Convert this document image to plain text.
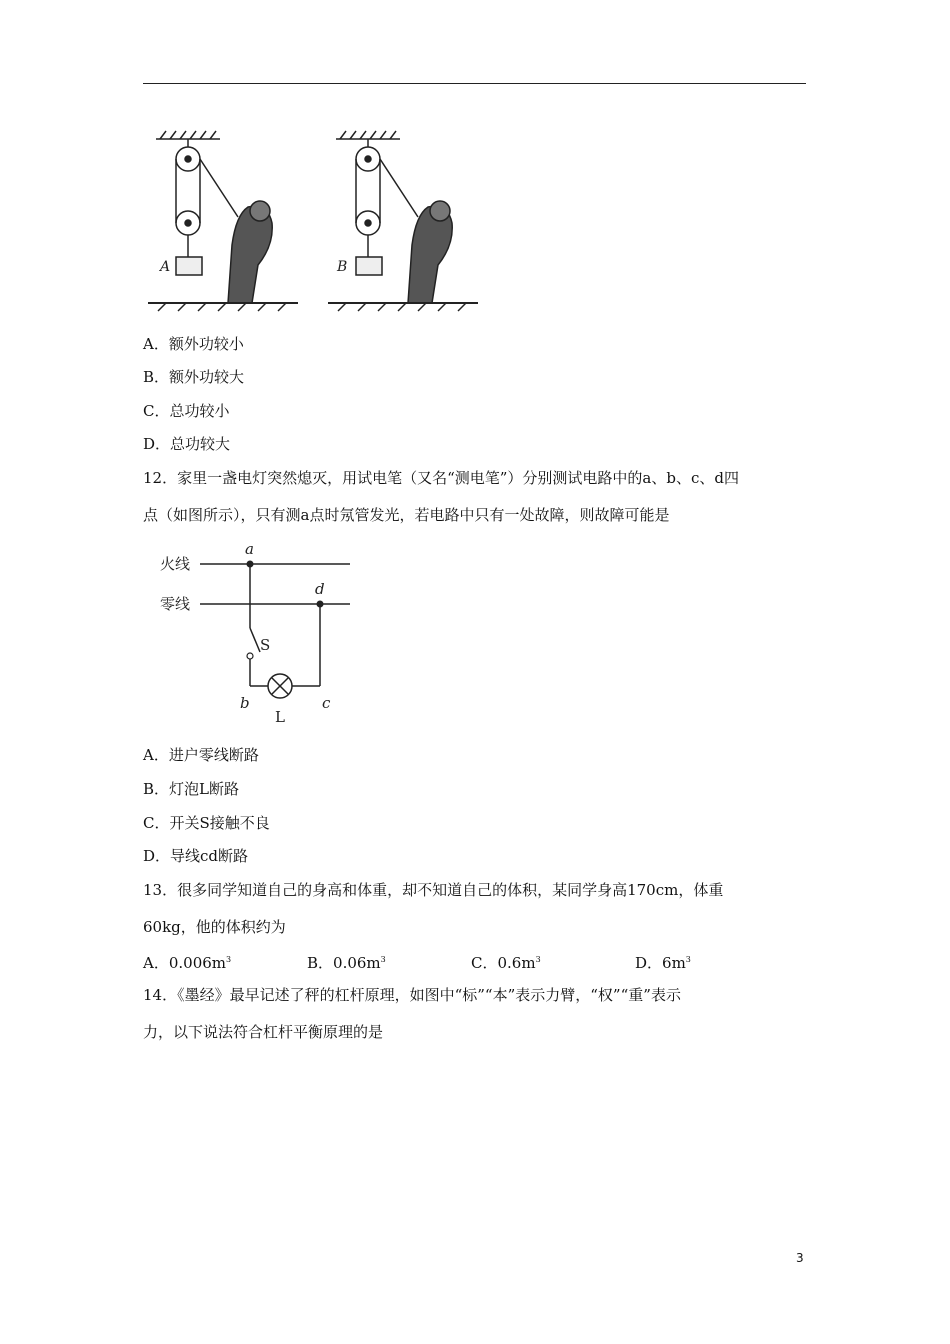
A	B
A．额外功较小
B．额外功较大
C．总功较小
D．总功较大
12．家里一盏电灯突然熄灭，用试电笔（又名“测电笔”）分别测试电路中的a、b、c、d四
点（如图所示），只有测a点时氖管发光，若电路中只有一处故障，则故障可能是
火线
零线
a
d
S
b	c
L
A．进户零线断路
B．灯泡L断路
C．开关S接触不良
D．导线cd断路
13．很多同学知道自己的身高和体重，却不知道自己的体积，某同学身高170cm，体重
60kg，他的体积约为
A．$0.006m^3$	B．$0.06m^3$	C．$0.6m^3$	D．$6m^3$
14．《墨经》最早记述了秤的杠杆原理，如图中“标”“本”表示力臂，“权”“重”表示
力，以下说法符合杠杆平衡原理的是
3
